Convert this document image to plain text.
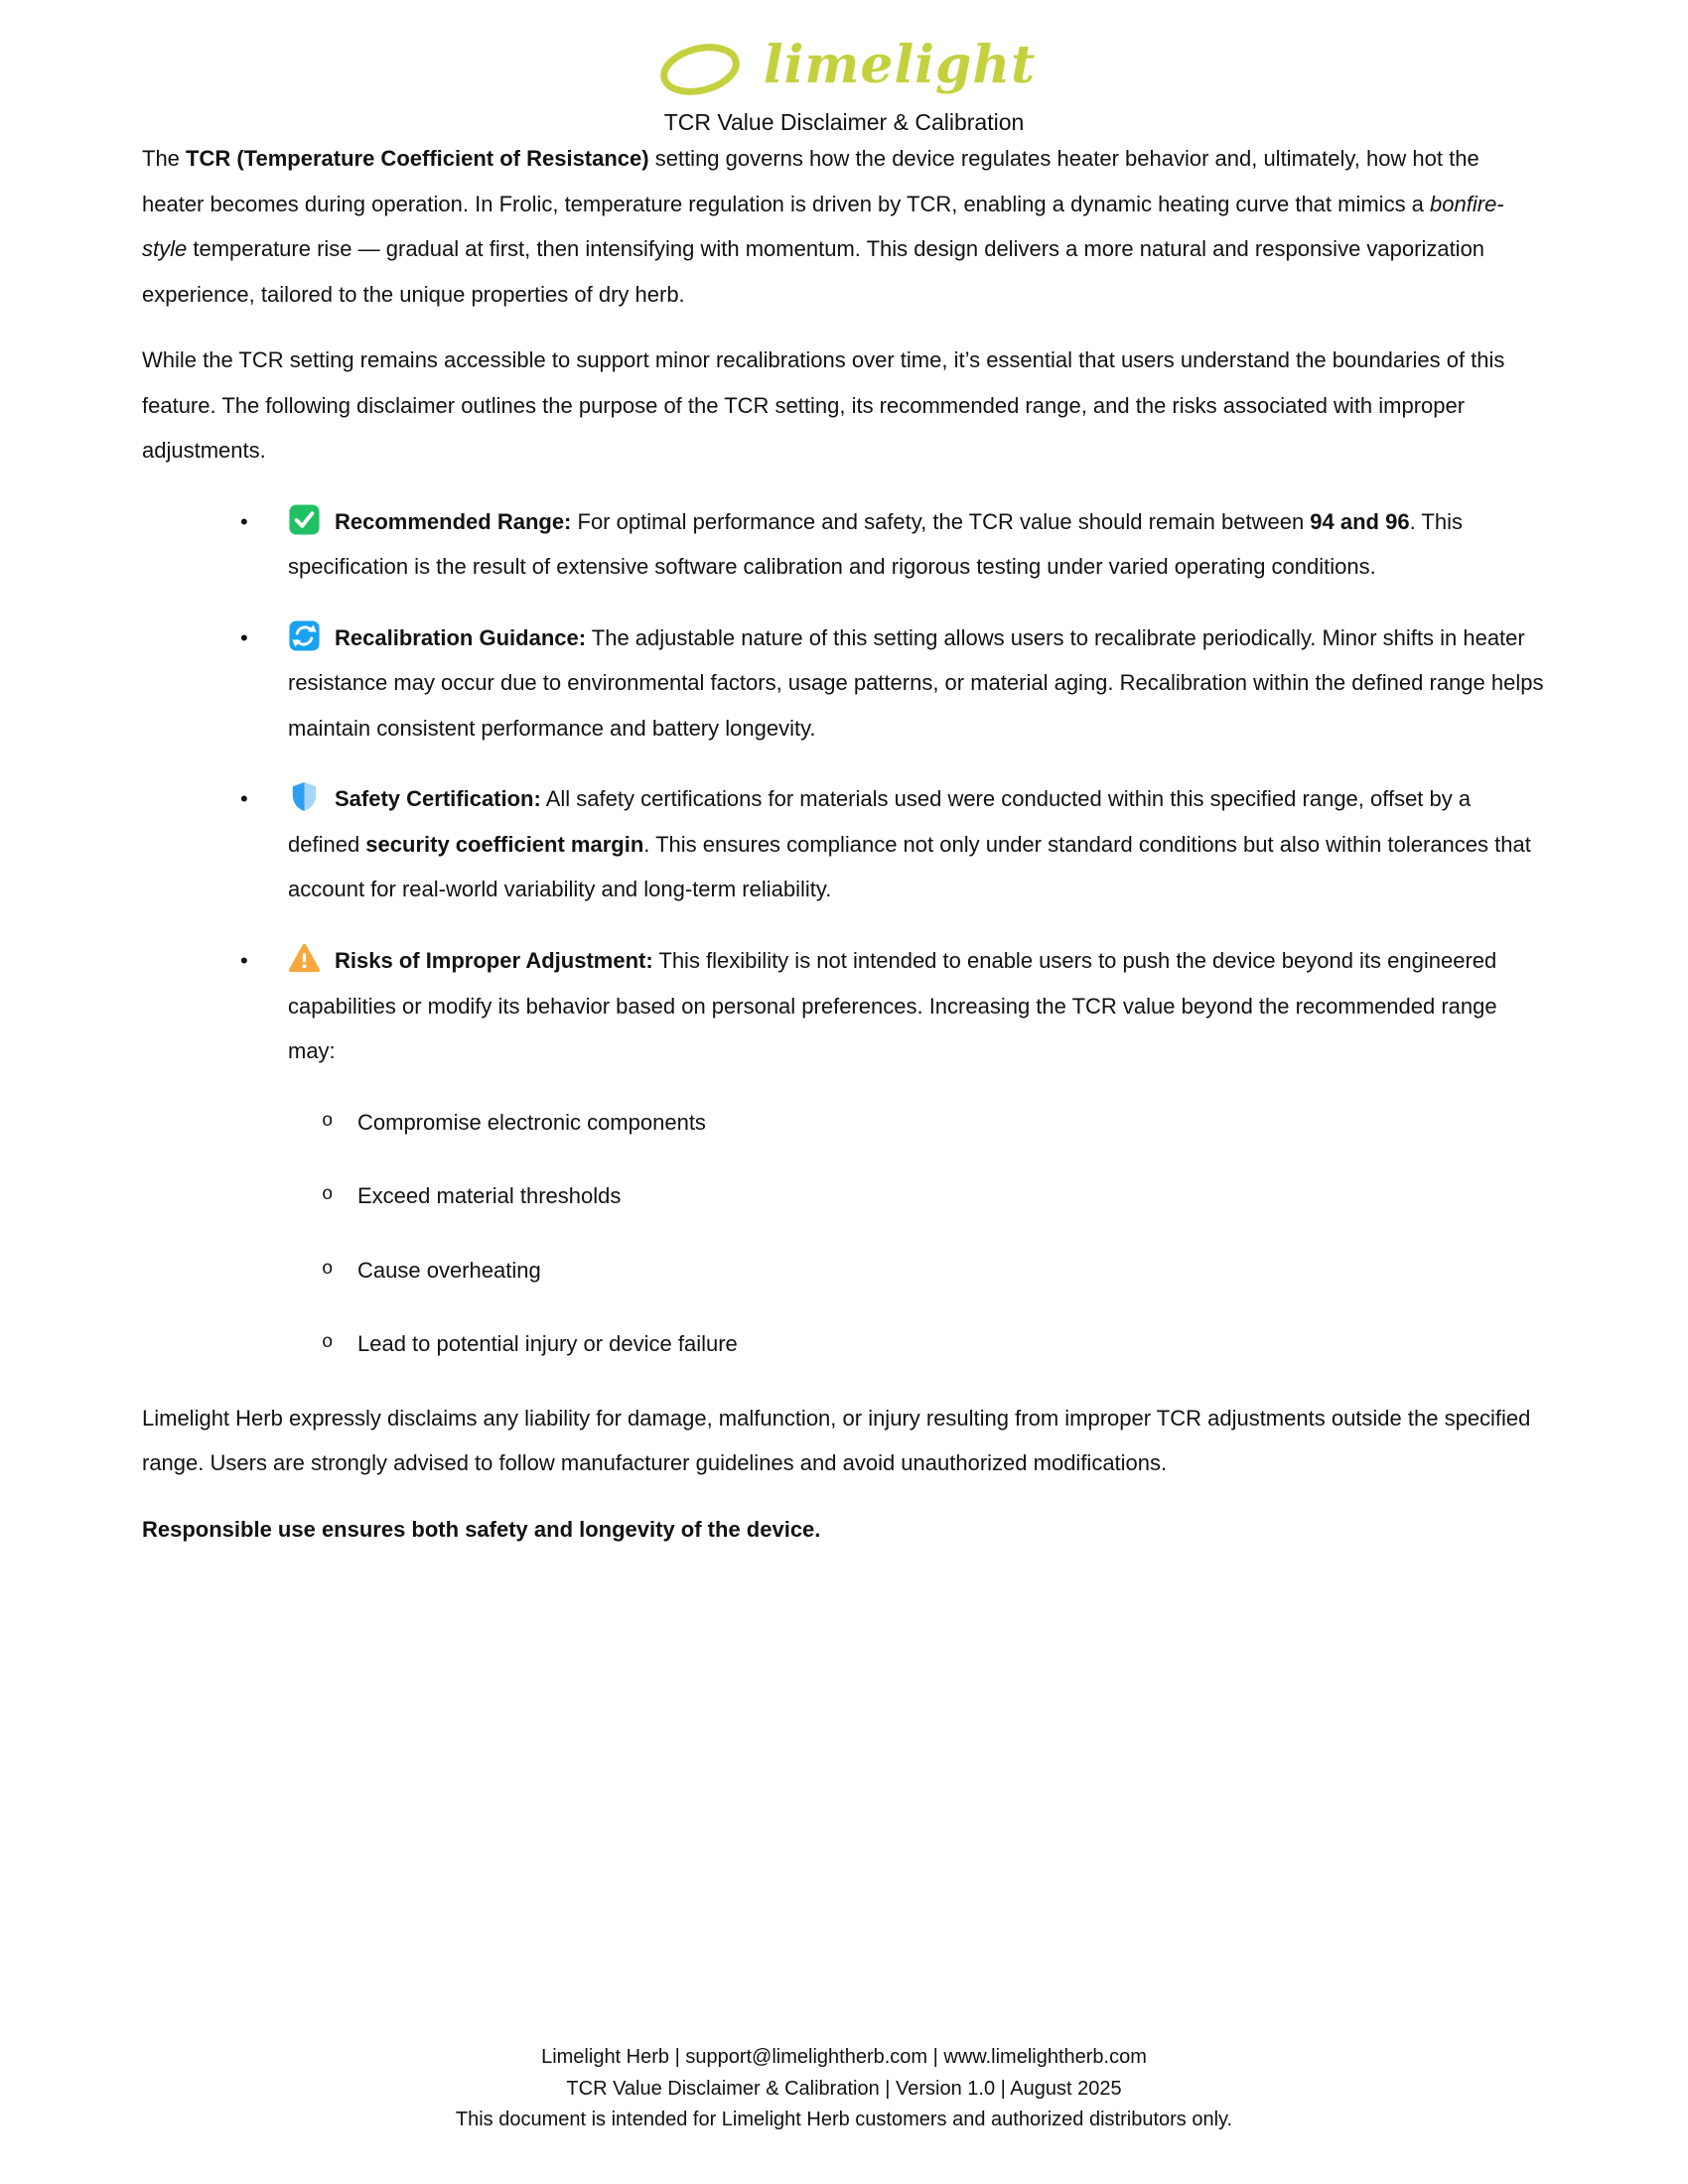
limelight
TCR Value Disclaimer & Calibration

The TCR (Temperature Coefficient of Resistance) setting governs how the device regulates heater behavior and, ultimately, how hot the heater becomes during operation. In Frolic, temperature regulation is driven by TCR, enabling a dynamic heating curve that mimics a bonfire-style temperature rise — gradual at first, then intensifying with momentum. This design delivers a more natural and responsive vaporization experience, tailored to the unique properties of dry herb.

While the TCR setting remains accessible to support minor recalibrations over time, it’s essential that users understand the boundaries of this feature. The following disclaimer outlines the purpose of the TCR setting, its recommended range, and the risks associated with improper adjustments.

•	Recommended Range: For optimal performance and safety, the TCR value should remain between 94 and 96. This specification is the result of extensive software calibration and rigorous testing under varied operating conditions.
•	Recalibration Guidance: The adjustable nature of this setting allows users to recalibrate periodically. Minor shifts in heater resistance may occur due to environmental factors, usage patterns, or material aging. Recalibration within the defined range helps maintain consistent performance and battery longevity.
•	Safety Certification: All safety certifications for materials used were conducted within this specified range, offset by a defined security coefficient margin. This ensures compliance not only under standard conditions but also within tolerances that account for real-world variability and long-term reliability.
•	Risks of Improper Adjustment: This flexibility is not intended to enable users to push the device beyond its engineered capabilities or modify its behavior based on personal preferences. Increasing the TCR value beyond the recommended range may:
o Compromise electronic components
o Exceed material thresholds
o Cause overheating
o Lead to potential injury or device failure

Limelight Herb expressly disclaims any liability for damage, malfunction, or injury resulting from improper TCR adjustments outside the specified range. Users are strongly advised to follow manufacturer guidelines and avoid unauthorized modifications.

Responsible use ensures both safety and longevity of the device.

Limelight Herb | support@limelightherb.com | www.limelightherb.com
TCR Value Disclaimer & Calibration | Version 1.0 | August 2025
This document is intended for Limelight Herb customers and authorized distributors only.
